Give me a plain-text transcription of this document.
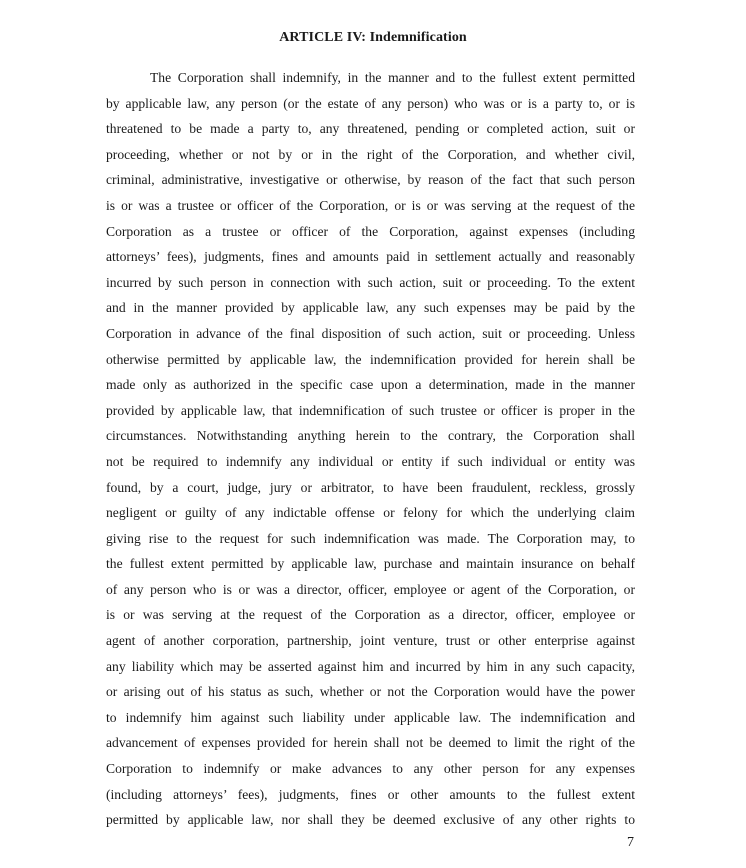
ARTICLE IV: Indemnification
The Corporation shall indemnify, in the manner and to the fullest extent permitted
by applicable law, any person (or the estate of any person) who was or is a party to, or is
threatened to be made a party to, any threatened, pending or completed action, suit or
proceeding, whether or not by or in the right of the Corporation, and whether civil,
criminal, administrative, investigative or otherwise, by reason of the fact that such person
is or was a trustee or officer of the Corporation, or is or was serving at the request of the
Corporation as a trustee or officer of the Corporation, against expenses (including
attorneys’ fees), judgments, fines and amounts paid in settlement actually and reasonably
incurred by such person in connection with such action, suit or proceeding. To the extent
and in the manner provided by applicable law, any such expenses may be paid by the
Corporation in advance of the final disposition of such action, suit or proceeding. Unless
otherwise permitted by applicable law, the indemnification provided for herein shall be
made only as authorized in the specific case upon a determination, made in the manner
provided by applicable law, that indemnification of such trustee or officer is proper in the
circumstances. Notwithstanding anything herein to the contrary, the Corporation shall
not be required to indemnify any individual or entity if such individual or entity was
found, by a court, judge, jury or arbitrator, to have been fraudulent, reckless, grossly
negligent or guilty of any indictable offense or felony for which the underlying claim
giving rise to the request for such indemnification was made. The Corporation may, to
the fullest extent permitted by applicable law, purchase and maintain insurance on behalf
of any person who is or was a director, officer, employee or agent of the Corporation, or
is or was serving at the request of the Corporation as a director, officer, employee or
agent of another corporation, partnership, joint venture, trust or other enterprise against
any liability which may be asserted against him and incurred by him in any such capacity,
or arising out of his status as such, whether or not the Corporation would have the power
to indemnify him against such liability under applicable law. The indemnification and
advancement of expenses provided for herein shall not be deemed to limit the right of the
Corporation to indemnify or make advances to any other person for any expenses
(including attorneys’ fees), judgments, fines or other amounts to the fullest extent
permitted by applicable law, nor shall they be deemed exclusive of any other rights to
7
